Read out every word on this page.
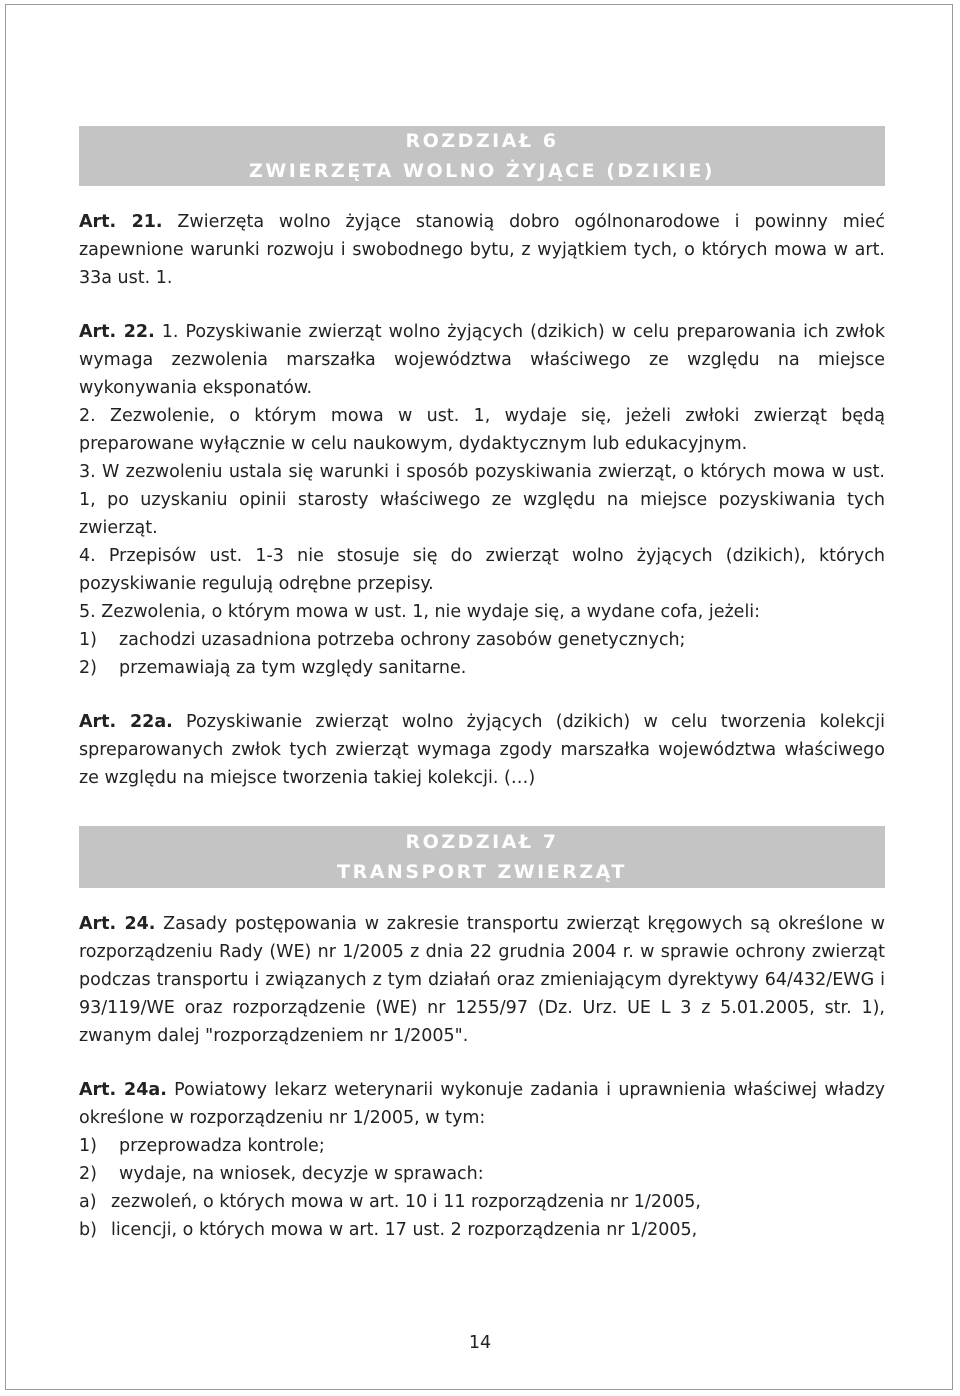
ROZDZIAŁ 6
ZWIERZĘTA WOLNO ŻYJĄCE (DZIKIE)

Art. 21. Zwierzęta wolno żyjące stanowią dobro ogólnonarodowe i powinny mieć zapewnione warunki rozwoju i swobodnego bytu, z wyjątkiem tych, o których mowa w art. 33a ust. 1.

Art. 22. 1. Pozyskiwanie zwierząt wolno żyjących (dzikich) w celu preparowania ich zwłok wymaga zezwolenia marszałka województwa właściwego ze względu na miejsce wykonywania eksponatów.

2. Zezwolenie, o którym mowa w ust. 1, wydaje się, jeżeli zwłoki zwierząt będą preparowane wyłącznie w celu naukowym, dydaktycznym lub edukacyjnym.

3. W zezwoleniu ustala się warunki i sposób pozyskiwania zwierząt, o których mowa w ust. 1, po uzyskaniu opinii starosty właściwego ze względu na miejsce pozyskiwania tych zwierząt.

4. Przepisów ust. 1-3 nie stosuje się do zwierząt wolno żyjących (dzikich), których pozyskiwanie regulują odrębne przepisy.

5. Zezwolenia, o którym mowa w ust. 1, nie wydaje się, a wydane cofa, jeżeli:

1)	zachodzi uzasadniona potrzeba ochrony zasobów genetycznych;
2)	przemawiają za tym względy sanitarne.

Art. 22a. Pozyskiwanie zwierząt wolno żyjących (dzikich) w celu tworzenia kolekcji spreparowanych zwłok tych zwierząt wymaga zgody marszałka województwa właściwego ze względu na miejsce tworzenia takiej kolekcji. (…)

ROZDZIAŁ 7
TRANSPORT ZWIERZĄT

Art. 24. Zasady postępowania w zakresie transportu zwierząt kręgowych są określone w rozporządzeniu Rady (WE) nr 1/2005 z dnia 22 grudnia 2004 r. w sprawie ochrony zwierząt podczas transportu i związanych z tym działań oraz zmieniającym dyrektywy 64/432/EWG i 93/119/WE oraz rozporządzenie (WE) nr 1255/97 (Dz. Urz. UE L 3 z 5.01.2005, str. 1), zwanym dalej "rozporządzeniem nr 1/2005".

Art. 24a. Powiatowy lekarz weterynarii wykonuje zadania i uprawnienia właściwej władzy określone w rozporządzeniu nr 1/2005, w tym:

1)	przeprowadza kontrole;
2)	wydaje, na wniosek, decyzje w sprawach:
a) zezwoleń, o których mowa w art. 10 i 11 rozporządzenia nr 1/2005,
b) licencji, o których mowa w art. 17 ust. 2 rozporządzenia nr 1/2005,
14
